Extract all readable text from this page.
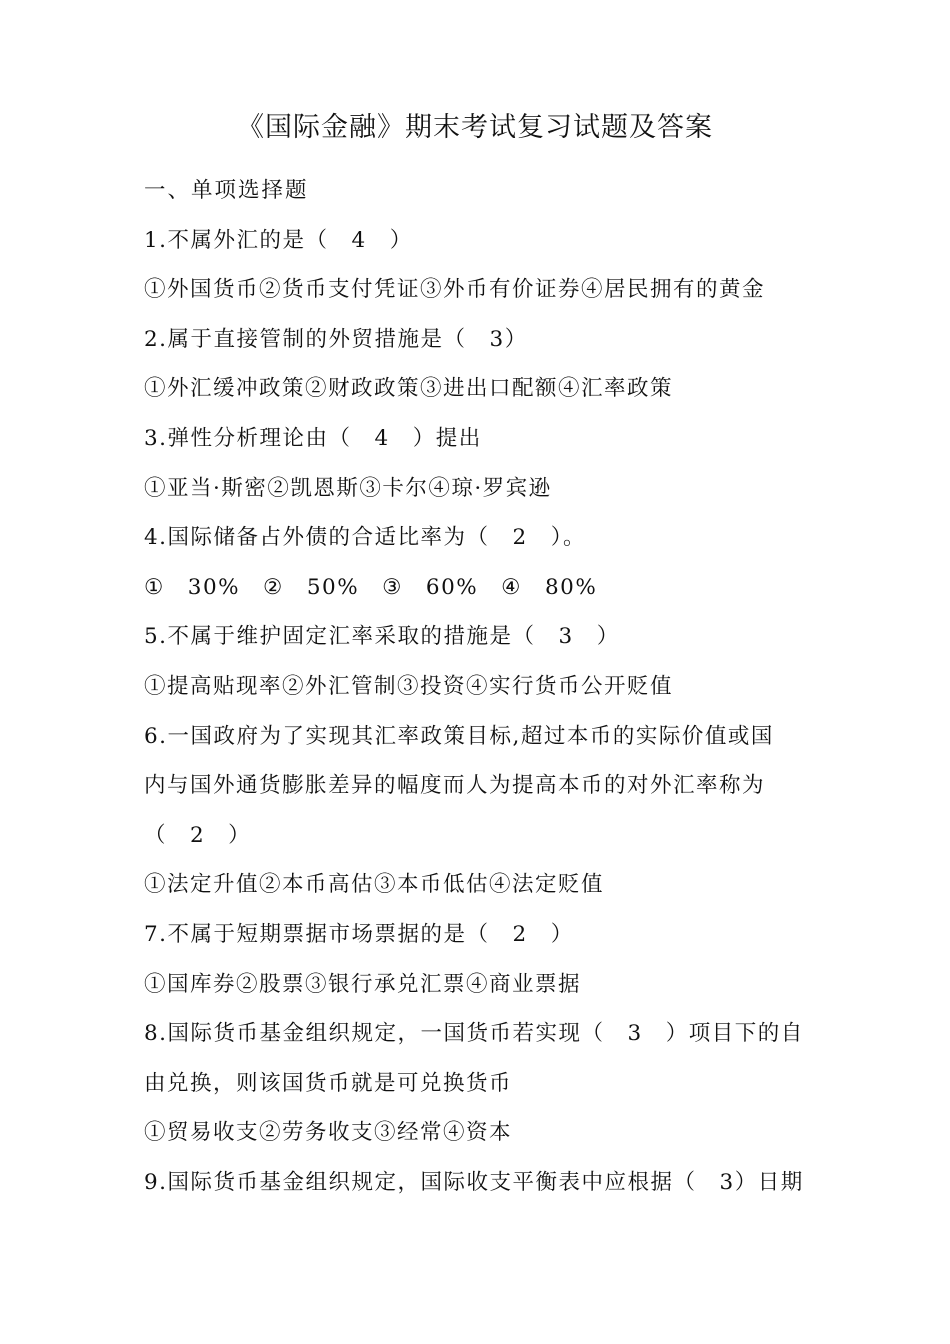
《国际金融》期末考试复习试题及答案
一、单项选择题
1.不属外汇的是（　4　）
①外国货币②货币支付凭证③外币有价证券④居民拥有的黄金
2.属于直接管制的外贸措施是（　3）
①外汇缓冲政策②财政政策③进出口配额④汇率政策
3.弹性分析理论由（　4　）提出
①亚当·斯密②凯恩斯③卡尔④琼·罗宾逊
4.国际储备占外债的合适比率为（　2　）。
①　30%　②　50%　③　60%　④　80%
5.不属于维护固定汇率采取的措施是（　3　）
①提高贴现率②外汇管制③投资④实行货币公开贬值
6.一国政府为了实现其汇率政策目标,超过本币的实际价值或国
内与国外通货膨胀差异的幅度而人为提高本币的对外汇率称为
（　2　）
①法定升值②本币高估③本币低估④法定贬值
7.不属于短期票据市场票据的是（　2　）
①国库券②股票③银行承兑汇票④商业票据
8.国际货币基金组织规定，一国货币若实现（　3　）项目下的自
由兑换，则该国货币就是可兑换货币
①贸易收支②劳务收支③经常④资本
9.国际货币基金组织规定，国际收支平衡表中应根据（　3）日期
